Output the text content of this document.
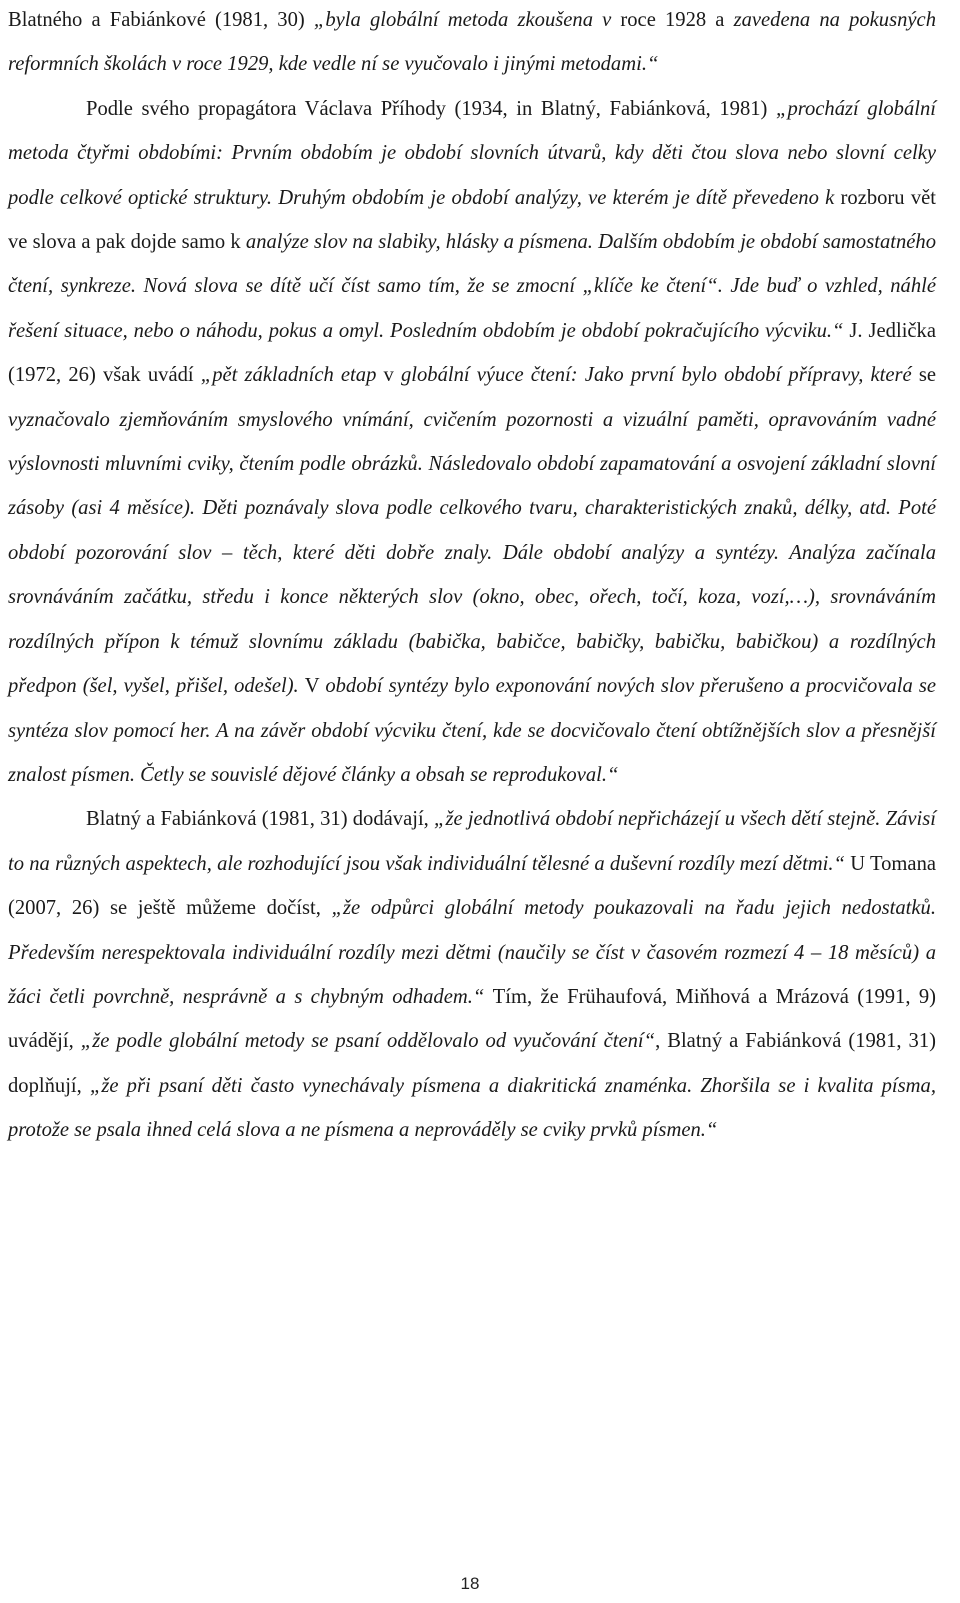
Blatného a Fabiánkové (1981, 30) „byla globální metoda zkoušena v roce 1928 a zavedena na pokusných reformních školách v roce 1929, kde vedle ní se vyučovalo i jinými metodami.“

Podle svého propagátora Václava Příhody (1934, in Blatný, Fabiánková, 1981) „prochází globální metoda čtyřmi obdobími: Prvním obdobím je období slovních útvarů, kdy děti čtou slova nebo slovní celky podle celkové optické struktury. Druhým obdobím je období analýzy, ve kterém je dítě převedeno k rozboru vět ve slova a pak dojde samo k analýze slov na slabiky, hlásky a písmena. Dalším obdobím je období samostatného čtení, synkreze. Nová slova se dítě učí číst samo tím, že se zmocní „klíče ke čtení“. Jde buď o vzhled, náhlé řešení situace, nebo o náhodu, pokus a omyl. Posledním obdobím je období pokračujícího výcviku.“ J. Jedlička (1972, 26) však uvádí „pět základních etap v globální výuce čtení: Jako první bylo období přípravy, které se vyznačovalo zjemňováním smyslového vnímání, cvičením pozornosti a vizuální paměti, opravováním vadné výslovnosti mluvními cviky, čtením podle obrázků. Následovalo období zapamatování a osvojení základní slovní zásoby (asi 4 měsíce). Děti poznávaly slova podle celkového tvaru, charakteristických znaků, délky, atd. Poté období pozorování slov – těch, které děti dobře znaly. Dále období analýzy a syntézy. Analýza začínala srovnáváním začátku, středu i konce některých slov (okno, obec, ořech, točí, koza, vozí,…), srovnáváním rozdílných přípon k témuž slovnímu základu (babička, babičce, babičky, babičku, babičkou) a rozdílných předpon (šel, vyšel, přišel, odešel). V období syntézy bylo exponování nových slov přerušeno a procvičovala se syntéza slov pomocí her. A na závěr období výcviku čtení, kde se docvičovalo čtení obtížnějších slov a přesnější znalost písmen. Četly se souvislé dějové články a obsah se reprodukoval.“

Blatný a Fabiánková (1981, 31) dodávají, „že jednotlivá období nepřicházejí u všech dětí stejně. Závisí to na různých aspektech, ale rozhodující jsou však individuální tělesné a duševní rozdíly mezí dětmi.“ U Tomana (2007, 26) se ještě můžeme dočíst, „že odpůrci globální metody poukazovali na řadu jejich nedostatků. Především nerespektovala individuální rozdíly mezi dětmi (naučily se číst v časovém rozmezí 4 – 18 měsíců) a žáci četli povrchně, nesprávně a s chybným odhadem.“ Tím, že Frühaufová, Miňhová a Mrázová (1991, 9) uvádějí, „že podle globální metody se psaní oddělovalo od vyučování čtení“, Blatný a Fabiánková (1981, 31) doplňují, „že při psaní děti často vynechávaly písmena a diakritická znaménka. Zhoršila se i kvalita písma, protože se psala ihned celá slova a ne písmena a neprováděly se cviky prvků písmen.“

18
